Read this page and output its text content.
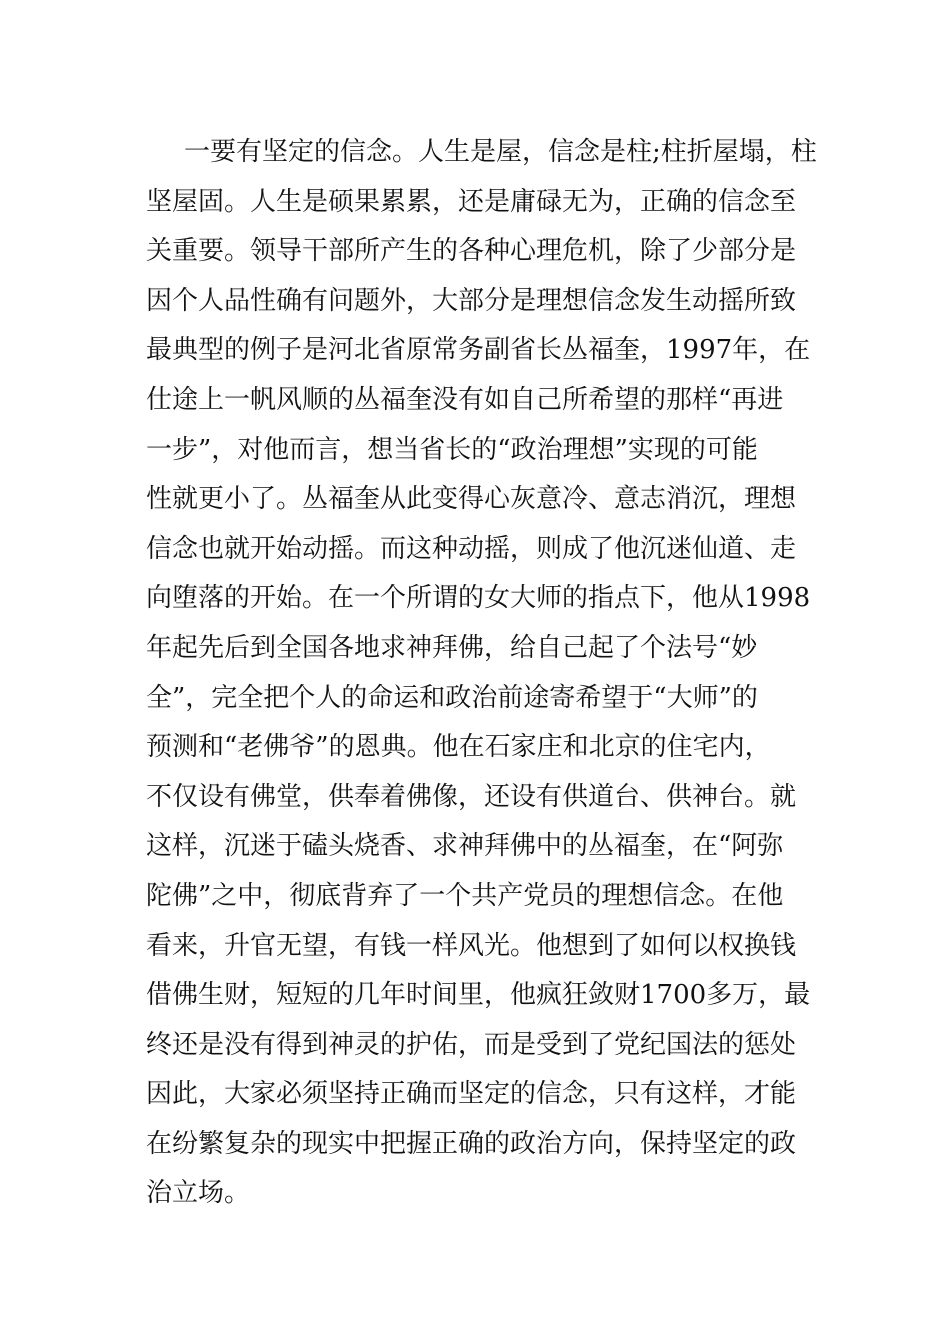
一要有坚定的信念。人生是屋，信念是柱;柱折屋塌，柱
坚屋固。人生是硕果累累，还是庸碌无为，正确的信念至
关重要。领导干部所产生的各种心理危机，除了少部分是
因个人品性确有问题外，大部分是理想信念发生动摇所致
最典型的例子是河北省原常务副省长丛福奎，1997年，在
仕途上一帆风顺的丛福奎没有如自己所希望的那样“再进
一步”，对他而言，想当省长的“政治理想”实现的可能
性就更小了。丛福奎从此变得心灰意冷、意志消沉，理想
信念也就开始动摇。而这种动摇，则成了他沉迷仙道、走
向堕落的开始。在一个所谓的女大师的指点下，他从1998
年起先后到全国各地求神拜佛，给自己起了个法号“妙
全”，完全把个人的命运和政治前途寄希望于“大师”的
预测和“老佛爷”的恩典。他在石家庄和北京的住宅内，
不仅设有佛堂，供奉着佛像，还设有供道台、供神台。就
这样，沉迷于磕头烧香、求神拜佛中的丛福奎，在“阿弥
陀佛”之中，彻底背弃了一个共产党员的理想信念。在他
看来，升官无望，有钱一样风光。他想到了如何以权换钱
借佛生财，短短的几年时间里，他疯狂敛财1700多万，最
终还是没有得到神灵的护佑，而是受到了党纪国法的惩处
因此，大家必须坚持正确而坚定的信念，只有这样，才能
在纷繁复杂的现实中把握正确的政治方向，保持坚定的政
治立场。
